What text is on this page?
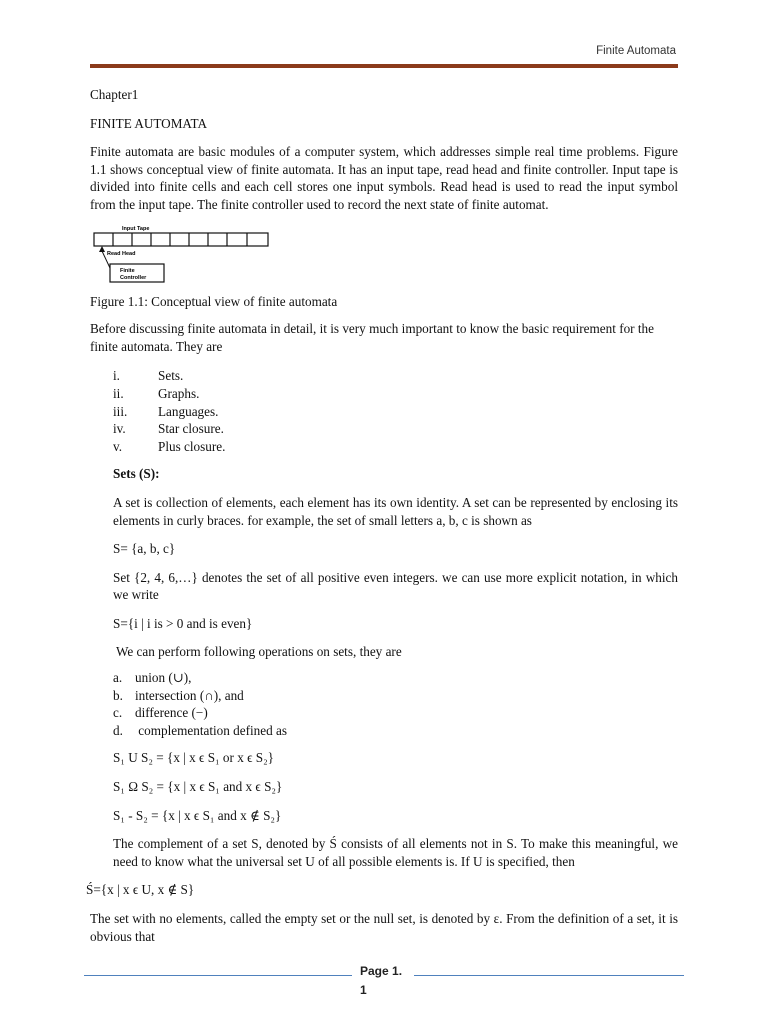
Finite Automata

Chapter1

FINITE AUTOMATA

Finite automata are basic modules of a computer system, which addresses simple real time problems. Figure 1.1 shows conceptual view of finite automata. It has an input tape, read head and finite controller. Input tape is divided into finite cells and each cell stores one input symbols. Read head is used to read the input symbol from the input tape. The finite controller used to record the next state of finite automat.

Input Tape
Read Head
Finite
Controller

Figure 1.1: Conceptual view of finite automata

Before discussing finite automata in detail, it is very much important to know the basic requirement for the finite automata. They are

i.	Sets.
ii.	Graphs.
iii.	Languages.
iv.	Star closure.
v.	Plus closure.

Sets (S):

A set is collection of elements, each element has its own identity. A set can be represented by enclosing its elements in curly braces. for example, the set of small letters a, b, c is shown as

S= {a, b, c}

Set {2, 4, 6,…} denotes the set of all positive even integers. we can use more explicit notation, in which we write

S={i | i is > 0 and is even}

We can perform following operations on sets, they are

a. union (∪),
b. intersection (∩), and
c. difference (−)
d. complementation defined as

S₁ U S₂ = {x | x ϵ S₁ or x ϵ S₂}

S₁ Ω S₂ = {x | x ϵ S₁ and x ϵ S₂}

S₁ - S₂ = {x | x ϵ S₁ and x ∉ S₂}

The complement of a set S, denoted by Ś consists of all elements not in S. To make this meaningful, we need to know what the universal set U of all possible elements is. If U is specified, then

Ś={x | x ϵ U, x ∉ S}

The set with no elements, called the empty set or the null set, is denoted by ε. From the definition of a set, it is obvious that

Page 1.
1
